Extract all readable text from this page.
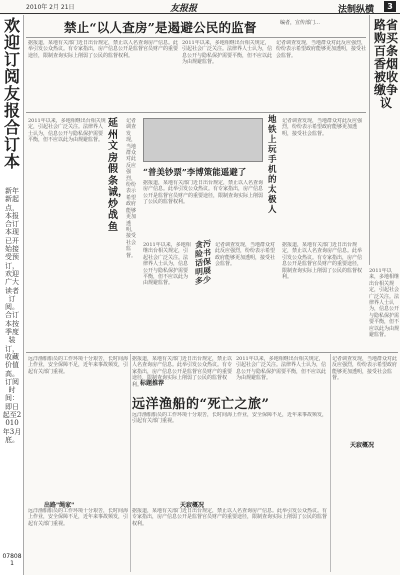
2010年 2月 21日	友报报	法制纵横	3
欢迎订阅友报合订本
新年新起点，本报合订本现已开始接受预订，欢迎广大读者订阅。合订本按季度装订，收藏价值高。订阅时间：即日起至2010年3月底。
078081
禁止“以人查房”是遏避公民的监督	编者，宣传部门…
据报道，某地有关部门近日出台规定，禁止以人名查询房产信息。此举引发公众热议。有专家指出，房产信息公开是监督官员财产的重要途径，限制查询实际上削弱了公民的监督权利。
2011年以来，多地相继出台相关规定，引起社会广泛关注。法律界人士认为，信息公开与隐私保护需要平衡，但不应以此为由规避监督。
记者调查发现，当地群众对此反应强烈，纷纷表示希望政府能够更加透明，接受社会监督。
路省购买百条香烟被收缴争议
延州文房假条诚，炒战鱼
2011年以来，多地相继出台相关规定，引起社会广泛关注。法律界人士认为，信息公开与隐私保护需要平衡，但不应以此为由规避监督。
记者调查发现，当地群众对此反应强烈，纷纷表示希望政府能够更加透明，接受社会监督。
“普美钞票”李博策能遥避了
据报道，某地有关部门近日出台规定，禁止以人名查询房产信息。此举引发公众热议。有专家指出，房产信息公开是监督官员财产的重要途径，限制查询实际上削弱了公民的监督权利。
地铁上玩手机的太极人
记者调查发现，当地群众对此反应强烈，纷纷表示希望政府能够更加透明，接受社会监督。
2011年以来，多地相继出台相关规定，引起社会广泛关注。法律界人士认为，信息公开与隐私保护需要平衡，但不应以此为由规避监督。
贪污险书话保明展多少
记者调查发现，当地群众对此反应强烈，纷纷表示希望政府能够更加透明，接受社会监督。
据报道，某地有关部门近日出台规定，禁止以人名查询房产信息。此举引发公众热议。有专家指出，房产信息公开是监督官员财产的重要途径，限制查询实际上削弱了公民的监督权利。
2011年以来，多地相继出台相关规定，引起社会广泛关注。法律界人士认为，信息公开与隐私保护需要平衡，但不应以此为由规避监督。
远洋渔船船员的工作环境十分艰苦，长时间海上作业，安全保障不足，近年来事故频发，引起有关部门重视。
据报道，某地有关部门近日出台规定，禁止以人名查询房产信息。此举引发公众热议。有专家指出，房产信息公开是监督官员财产的重要途径，限制查询实际上削弱了公民的监督权利。
标题推荐
2011年以来，多地相继出台相关规定，引起社会广泛关注。法律界人士认为，信息公开与隐私保护需要平衡，但不应以此为由规避监督。
记者调查发现，当地群众对此反应强烈，纷纷表示希望政府能够更加透明，接受社会监督。
天寂概况
远洋渔船的“死亡之旅”
出路"绳家"	天寂概况
远洋渔船船员的工作环境十分艰苦，长时间海上作业，安全保障不足，近年来事故频发，引起有关部门重视。
远洋渔船船员的工作环境十分艰苦，长时间海上作业，安全保障不足，近年来事故频发，引起有关部门重视。
据报道，某地有关部门近日出台规定，禁止以人名查询房产信息。此举引发公众热议。有专家指出，房产信息公开是监督官员财产的重要途径，限制查询实际上削弱了公民的监督权利。
